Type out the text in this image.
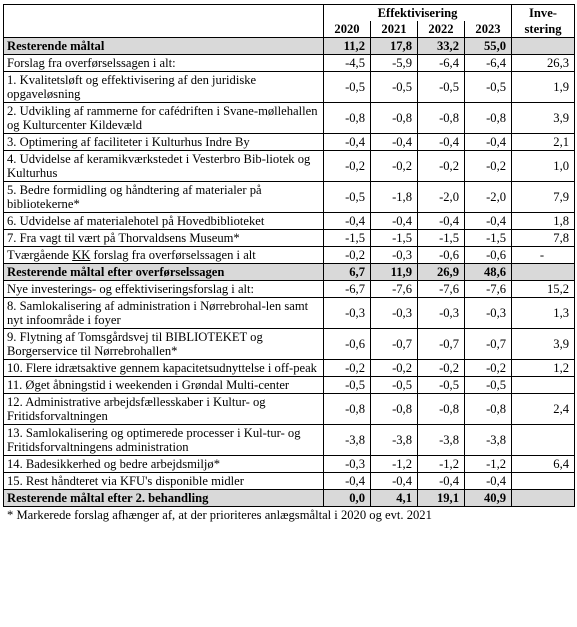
	Effektivisering				Inve-
	2020	2021	2022	2023	stering
Resterende måltal	11,2	17,8	33,2	55,0	
Forslag fra overførselssagen i alt:	-4,5	-5,9	-6,4	-6,4	26,3
1. Kvalitetsløft og effektivisering af den juridiske opgaveløsning	-0,5	-0,5	-0,5	-0,5	1,9
2. Udvikling af rammerne for cafédriften i Svane-møllehallen og Kulturcenter Kildevæld	-0,8	-0,8	-0,8	-0,8	3,9
3. Optimering af faciliteter i Kulturhus Indre By	-0,4	-0,4	-0,4	-0,4	2,1
4. Udvidelse af keramikværkstedet i Vesterbro Bib-liotek og Kulturhus	-0,2	-0,2	-0,2	-0,2	1,0
5. Bedre formidling og håndtering af materialer på bibliotekerne*	-0,5	-1,8	-2,0	-2,0	7,9
6. Udvidelse af materialehotel på Hovedbiblioteket	-0,4	-0,4	-0,4	-0,4	1,8
7. Fra vagt til vært på Thorvaldsens Museum*	-1,5	-1,5	-1,5	-1,5	7,8
Tværgående KK forslag fra overførselssagen i alt	-0,2	-0,3	-0,6	-0,6	-
Resterende måltal efter overførselssagen	6,7	11,9	26,9	48,6	
Nye investerings- og effektiviseringsforslag i alt:	-6,7	-7,6	-7,6	-7,6	15,2
8. Samlokalisering af administration i Nørrebrohal-len samt nyt infoområde i foyer	-0,3	-0,3	-0,3	-0,3	1,3
9. Flytning af Tomsgårdsvej til BIBLIOTEKET og Borgerservice til Nørrebrohallen*	-0,6	-0,7	-0,7	-0,7	3,9
10. Flere idrætsaktive gennem kapacitetsudnyttelse i off-peak	-0,2	-0,2	-0,2	-0,2	1,2
11. Øget åbningstid i weekenden i Grøndal Multi-center	-0,5	-0,5	-0,5	-0,5	
12. Administrative arbejdsfællesskaber i Kultur- og Fritidsforvaltningen	-0,8	-0,8	-0,8	-0,8	2,4
13. Samlokalisering og optimerede processer i Kul-tur- og Fritidsforvaltningens administration	-3,8	-3,8	-3,8	-3,8	
14. Badesikkerhed og bedre arbejdsmiljø*	-0,3	-1,2	-1,2	-1,2	6,4
15. Rest håndteret via KFU's disponible midler	-0,4	-0,4	-0,4	-0,4	
Resterende måltal efter 2. behandling	0,0	4,1	19,1	40,9	
* Markerede forslag afhænger af, at der prioriteres anlægsmåltal i 2020 og evt. 2021
